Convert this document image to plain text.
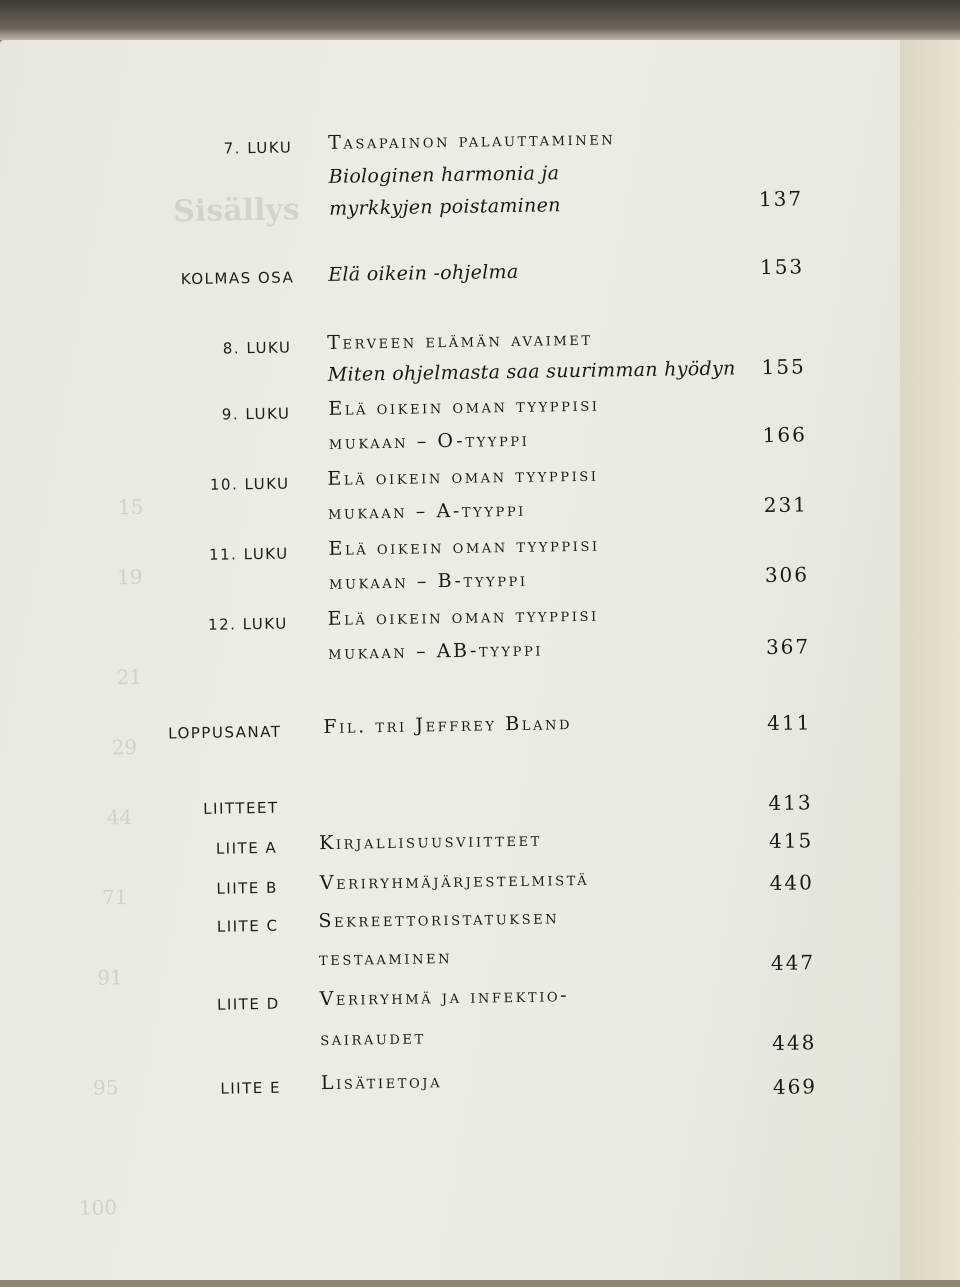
Sisällys
15
19
21
29
44
71
91
95
100
7. LUKU Tasapainon palauttaminen
Biologinen harmonia ja
myrkkyjen poistaminen	137
KOLMAS OSA Elä oikein -ohjelma	153
8. LUKU Terveen elämän avaimet
Miten ohjelmasta saa suurimman hyödyn	155
9. LUKU Elä oikein oman tyyppisi
mukaan – O-tyyppi	166
10. LUKU Elä oikein oman tyyppisi
mukaan – A-tyyppi	231
11. LUKU Elä oikein oman tyyppisi
mukaan – B-tyyppi	306
12. LUKU Elä oikein oman tyyppisi
mukaan – AB-tyyppi	367
LOPPUSANAT Fil. tri Jeffrey Bland	411
LIITTEET	413
LIITE A Kirjallisuusviitteet	415
LIITE B Veriryhmäjärjestelmistä	440
LIITE C Sekreettoristatuksen
testaaminen	447
LIITE D Veriryhmä ja infektio-
sairaudet	448
LIITE E Lisätietoja	469
